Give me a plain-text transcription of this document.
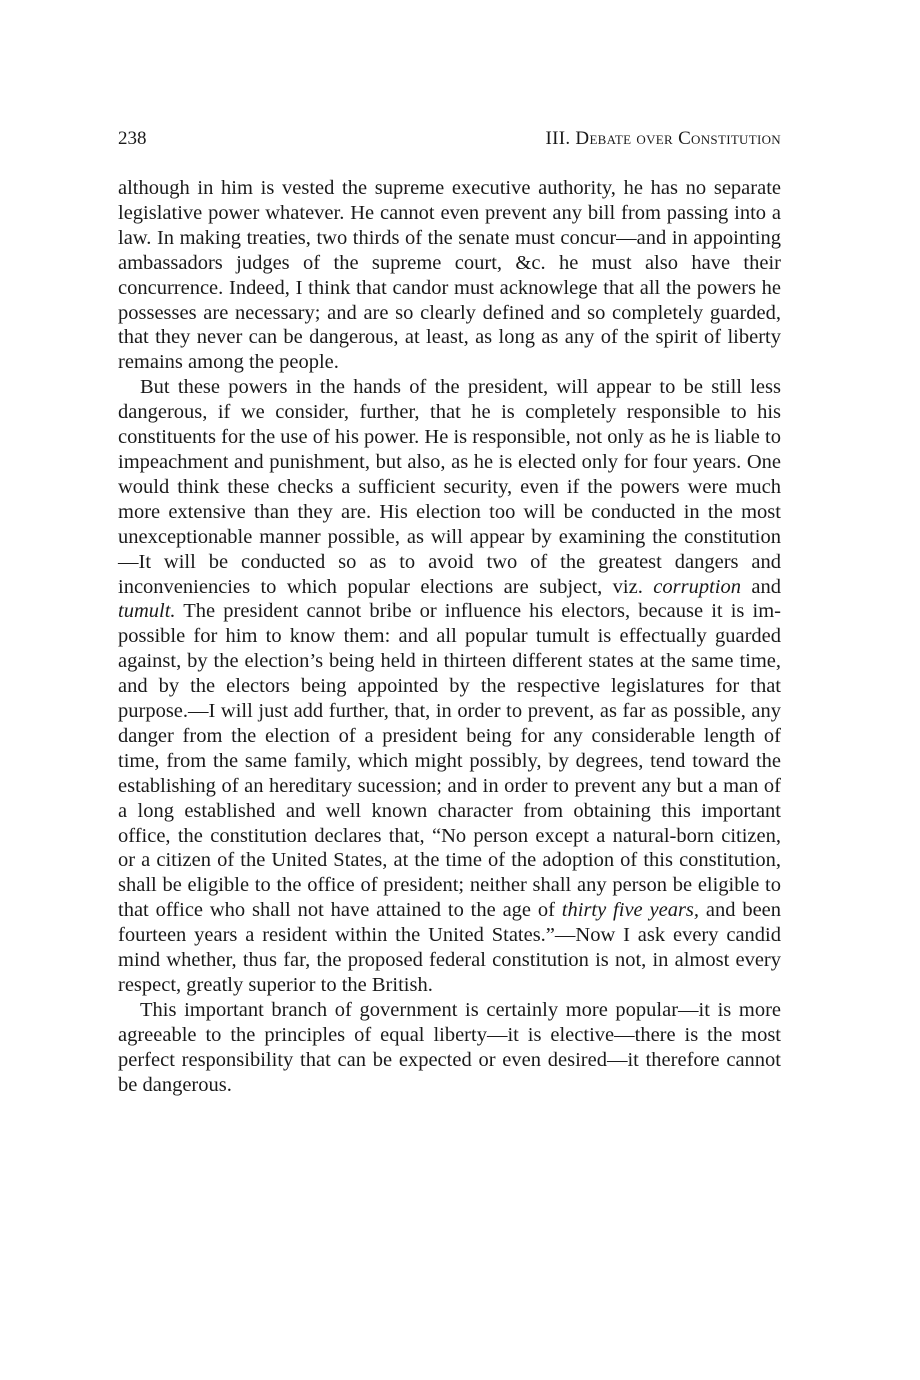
238	III. Debate over Constitution

although in him is vested the supreme executive authority, he has no separate legislative power whatever. He cannot even prevent any bill from passing into a law. In making treaties, two thirds of the senate must concur—and in appointing ambassadors judges of the supreme court, &c. he must also have their concurrence. Indeed, I think that candor must acknowlege that all the powers he possesses are necessary; and are so clearly defined and so completely guarded, that they never can be dangerous, at least, as long as any of the spirit of liberty remains among the people.

But these powers in the hands of the president, will appear to be still less dangerous, if we consider, further, that he is completely responsible to his constituents for the use of his power. He is responsible, not only as he is liable to impeachment and punishment, but also, as he is elected only for four years. One would think these checks a sufficient security, even if the powers were much more extensive than they are. His election too will be conducted in the most unexceptionable manner possible, as will appear by examining the constitution—It will be conducted so as to avoid two of the greatest dangers and inconveniencies to which popular elections are subject, viz. corruption and tumult. The president cannot bribe or influence his electors, because it is impossible for him to know them: and all popular tumult is effectually guarded against, by the election’s being held in thirteen different states at the same time, and by the electors being appointed by the respective legislatures for that purpose.—I will just add further, that, in order to prevent, as far as possible, any danger from the election of a president being for any considerable length of time, from the same family, which might possibly, by degrees, tend toward the establishing of an hereditary sucession; and in order to prevent any but a man of a long established and well known character from obtaining this important office, the constitution declares that, “No person except a natural-born citizen, or a citizen of the United States, at the time of the adoption of this constitution, shall be eligible to the office of president; neither shall any person be eligible to that office who shall not have attained to the age of thirty five years, and been fourteen years a resident within the United States.”—Now I ask every candid mind whether, thus far, the proposed federal constitution is not, in almost every respect, greatly superior to the British.

This important branch of government is certainly more popular—it is more agreeable to the principles of equal liberty—it is elective—there is the most perfect responsibility that can be expected or even desired—it therefore cannot be dangerous.
